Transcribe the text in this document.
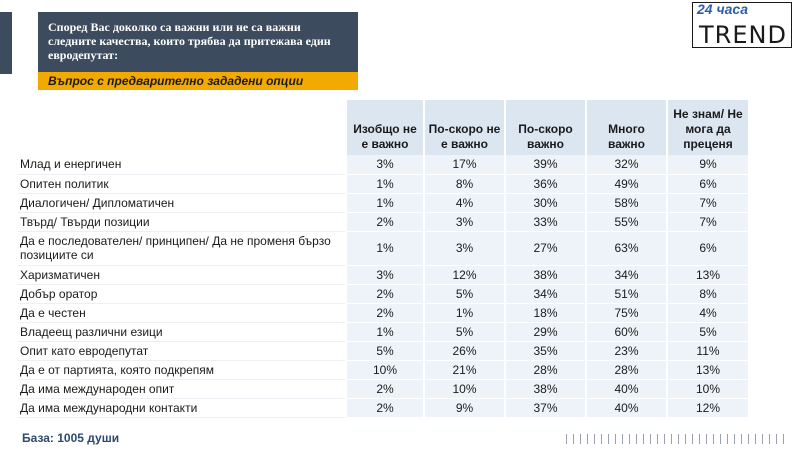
Според Вас доколко са важни или не са важни следните качества, които трябва да притежава един евродепутат:
Въпрос с предварително зададени опции
24 часа
TRЕND
	Изобщо не е важно	По-скоро не е важно	По-скоро важно	Много важно	Не знам/ Не мога да преценя
Млад и енергичен	3%	17%	39%	32%	9%
Опитен политик	1%	8%	36%	49%	6%
Диалогичен/ Дипломатичен	1%	4%	30%	58%	7%
Твърд/ Твърди позиции	2%	3%	33%	55%	7%
Да е последователен/ принципен/ Да не променя бързо позициите си	1%	3%	27%	63%	6%
Харизматичен	3%	12%	38%	34%	13%
Добър оратор	2%	5%	34%	51%	8%
Да е честен	2%	1%	18%	75%	4%
Владеещ различни езици	1%	5%	29%	60%	5%
Опит като евродепутат	5%	26%	35%	23%	11%
Да е от партията, която подкрепям	10%	21%	28%	28%	13%
Да има международен опит	2%	10%	38%	40%	10%
Да има международни контакти	2%	9%	37%	40%	12%
База: 1005 души
